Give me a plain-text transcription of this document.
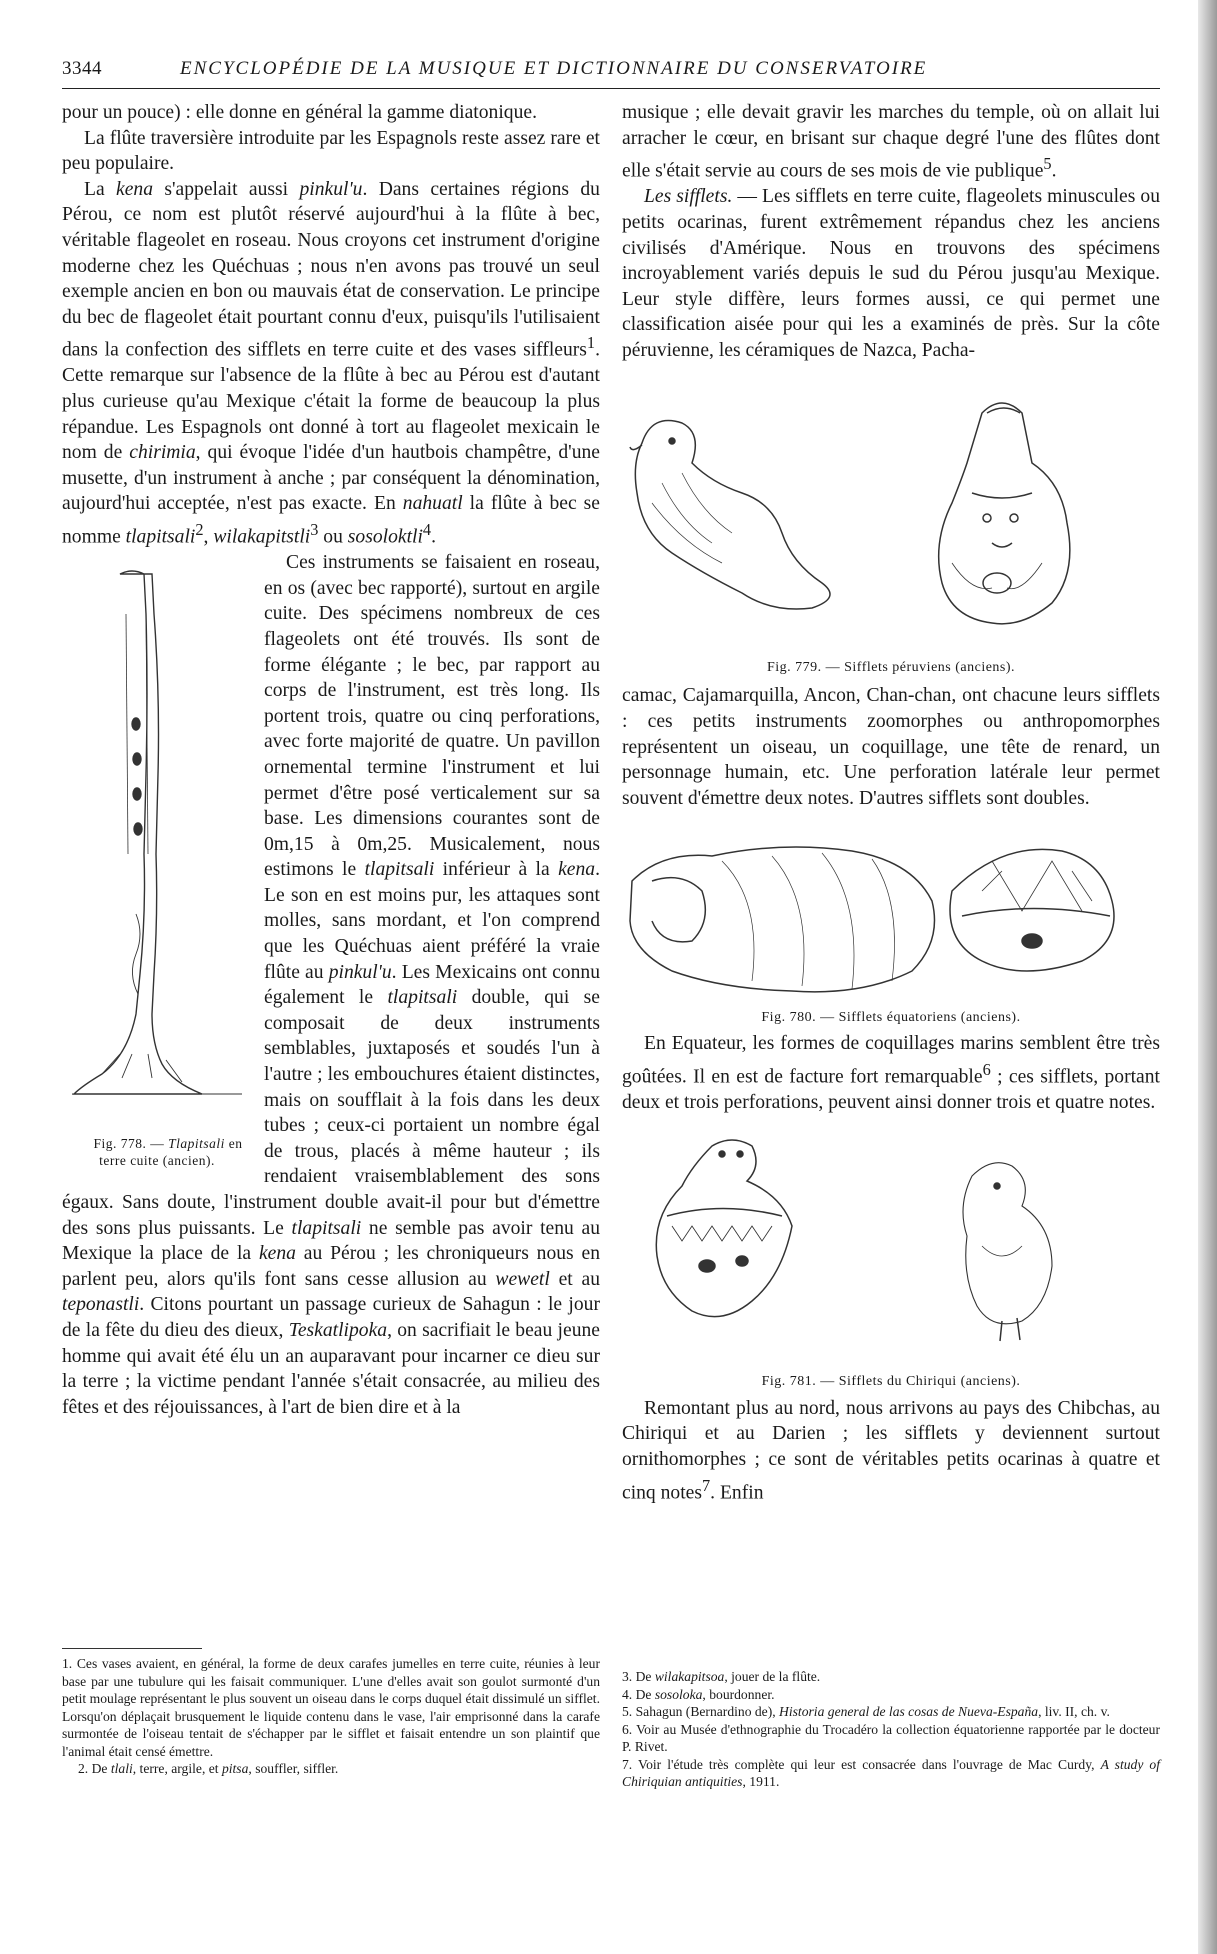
3344	ENCYCLOPÉDIE DE LA MUSIQUE ET DICTIONNAIRE DU CONSERVATOIRE

pour un pouce) : elle donne en général la gamme diatonique.

La flûte traversière introduite par les Espagnols reste assez rare et peu populaire.

La kena s'appelait aussi pinkul'u. Dans certaines régions du Pérou, ce nom est plutôt réservé aujourd'hui à la flûte à bec, véritable flageolet en roseau. Nous croyons cet instrument d'origine moderne chez les Quéchuas ; nous n'en avons pas trouvé un seul exemple ancien en bon ou mauvais état de conservation. Le principe du bec de flageolet était pourtant connu d'eux, puisqu'ils l'utilisaient dans la confection des sifflets en terre cuite et des vases siffleurs$^1$. Cette remarque sur l'absence de la flûte à bec au Pérou est d'autant plus curieuse qu'au Mexique c'était la forme de beaucoup la plus répandue. Les Espagnols ont donné à tort au flageolet mexicain le nom de chirimia, qui évoque l'idée d'un hautbois champêtre, d'une musette, d'un instrument à anche ; par conséquent la dénomination, aujourd'hui acceptée, n'est pas exacte. En nahuatl la flûte à bec se nomme tlapitsali$^2$, wilakapitstli$^3$ ou sosoloktli$^4$.

Fig. 778. — Tlapitsali en terre cuite (ancien).
Ces instruments se faisaient en roseau, en os (avec bec rapporté), surtout en argile cuite. Des spécimens nombreux de ces flageolets ont été trouvés. Ils sont de forme élégante ; le bec, par rapport au corps de l'instrument, est très long. Ils portent trois, quatre ou cinq perforations, avec forte majorité de quatre. Un pavillon ornemental termine l'instrument et lui permet d'être posé verticalement sur sa base. Les dimensions courantes sont de 0m,15 à 0m,25. Musicalement, nous estimons le tlapitsali inférieur à la kena. Le son en est moins pur, les attaques sont molles, sans mordant, et l'on comprend que les Quéchuas aient préféré la vraie flûte au pinkul'u. Les Mexicains ont connu également le tlapitsali double, qui se composait de deux instruments semblables, juxtaposés et soudés l'un à l'autre ; les embouchures étaient distinctes, mais on soufflait à la fois dans les deux tubes ; ceux-ci portaient un nombre égal de trous, placés à même hauteur ; ils rendaient vraisemblablement des sons égaux. Sans doute, l'instrument double avait-il pour but d'émettre des sons plus puissants. Le tlapitsali ne semble pas avoir tenu au Mexique la place de la kena au Pérou ; les chroniqueurs nous en parlent peu, alors qu'ils font sans cesse allusion au wewetl et au teponastli. Citons pourtant un passage curieux de Sahagun : le jour de la fête du dieu des dieux, Teskatlipoka, on sacrifiait le beau jeune homme qui avait été élu un an auparavant pour incarner ce dieu sur la terre ; la victime pendant l'année s'était consacrée, au milieu des fêtes et des réjouissances, à l'art de bien dire et à la

musique ; elle devait gravir les marches du temple, où on allait lui arracher le cœur, en brisant sur chaque degré l'une des flûtes dont elle s'était servie au cours de ses mois de vie publique$^5$.

Les sifflets. — Les sifflets en terre cuite, flageolets minuscules ou petits ocarinas, furent extrêmement répandus chez les anciens civilisés d'Amérique. Nous en trouvons des spécimens incroyablement variés depuis le sud du Pérou jusqu'au Mexique. Leur style diffère, leurs formes aussi, ce qui permet une classification aisée pour qui les a examinés de près. Sur la côte péruvienne, les céramiques de Nazca, Pacha-

Fig. 779. — Sifflets péruviens (anciens).

camac, Cajamarquilla, Ancon, Chan-chan, ont chacune leurs sifflets : ces petits instruments zoomorphes ou anthropomorphes représentent un oiseau, un coquillage, une tête de renard, un personnage humain, etc. Une perforation latérale leur permet souvent d'émettre deux notes. D'autres sifflets sont doubles.

Fig. 780. — Sifflets équatoriens (anciens).

En Equateur, les formes de coquillages marins semblent être très goûtées. Il en est de facture fort remarquable$^6$ ; ces sifflets, portant deux et trois perforations, peuvent ainsi donner trois et quatre notes.

Fig. 781. — Sifflets du Chiriqui (anciens).

Remontant plus au nord, nous arrivons au pays des Chibchas, au Chiriqui et au Darien ; les sifflets y deviennent surtout ornithomorphes ; ce sont de véritables petits ocarinas à quatre et cinq notes$^7$. Enfin

1. Ces vases avaient, en général, la forme de deux carafes jumelles en terre cuite, réunies à leur base par une tubulure qui les faisait communiquer. L'une d'elles avait son goulot surmonté d'un petit moulage représentant le plus souvent un oiseau dans le corps duquel était dissimulé un sifflet. Lorsqu'on déplaçait brusquement le liquide contenu dans le vase, l'air emprisonné dans la carafe surmontée de l'oiseau tentait de s'échapper par le sifflet et faisait entendre un son plaintif que l'animal était censé émettre.

2. De tlali, terre, argile, et pitsa, souffler, siffler.

3. De wilakapitsoa, jouer de la flûte.

4. De sosoloka, bourdonner.

5. Sahagun (Bernardino de), Historia general de las cosas de Nueva-España, liv. II, ch. v.

6. Voir au Musée d'ethnographie du Trocadéro la collection équatorienne rapportée par le docteur P. Rivet.

7. Voir l'étude très complète qui leur est consacrée dans l'ouvrage de Mac Curdy, A study of Chiriquian antiquities, 1911.
